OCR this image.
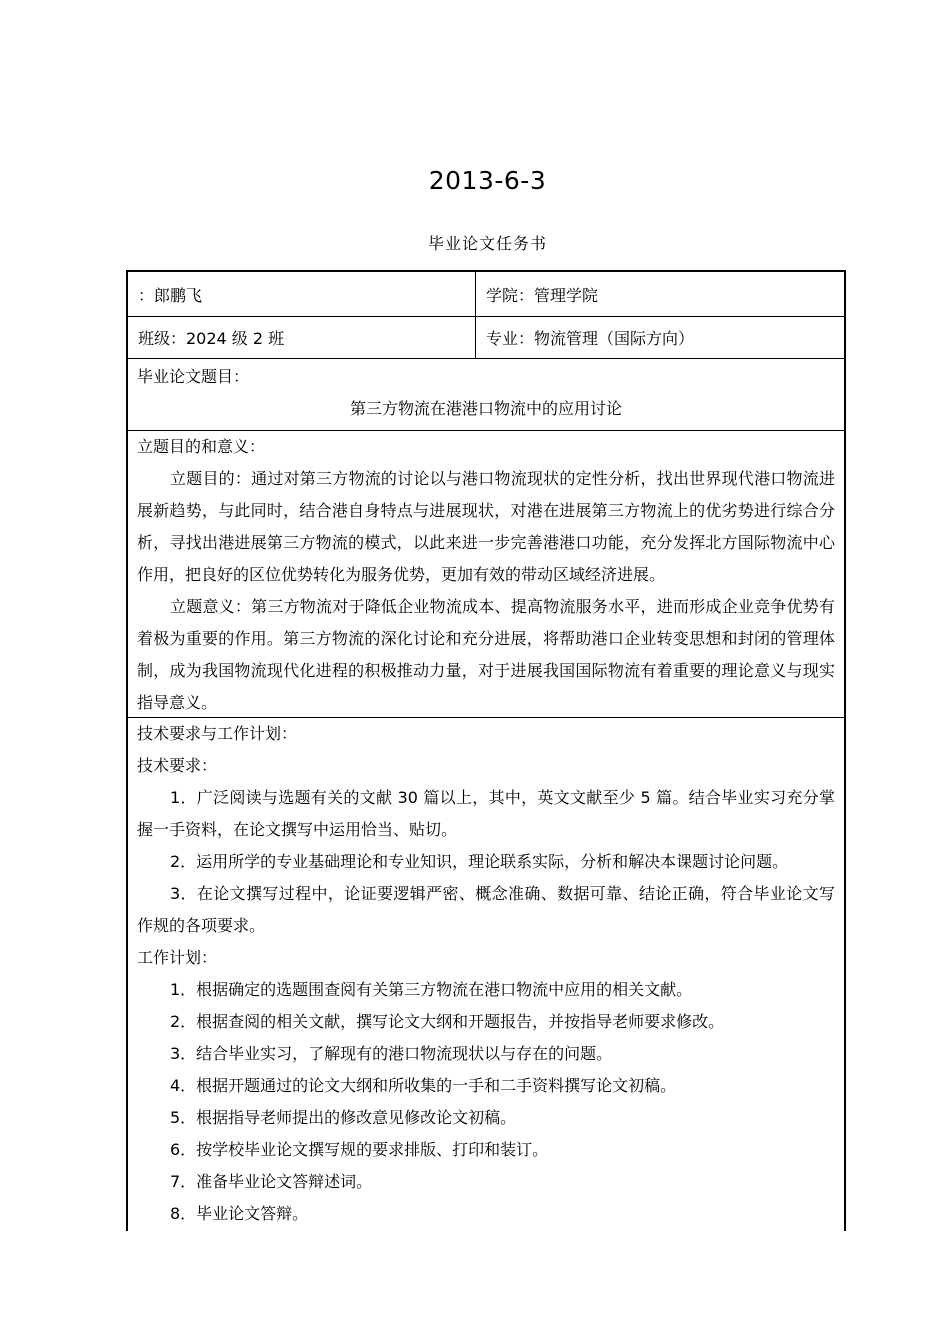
2013-6-3
毕业论文任务书
：郎鹏飞	学院：管理学院
班级：2024 级 2 班	专业：物流管理（国际方向）
毕业论文题目：
第三方物流在港港口物流中的应用讨论
立题目的和意义：
立题目的：通过对第三方物流的讨论以与港口物流现状的定性分析，找出世界现代港口物流进展新趋势，与此同时，结合港自身特点与进展现状，对港在进展第三方物流上的优劣势进行综合分析，寻找出港进展第三方物流的模式，以此来进一步完善港港口功能，充分发挥北方国际物流中心作用，把良好的区位优势转化为服务优势，更加有效的带动区域经济进展。
立题意义：第三方物流对于降低企业物流成本、提高物流服务水平，进而形成企业竞争优势有着极为重要的作用。第三方物流的深化讨论和充分进展，将帮助港口企业转变思想和封闭的管理体制，成为我国物流现代化进程的积极推动力量，对于进展我国国际物流有着重要的理论意义与现实指导意义。
技术要求与工作计划：
技术要求：
1．广泛阅读与选题有关的文献 30 篇以上，其中，英文文献至少 5 篇。结合毕业实习充分掌握一手资料，在论文撰写中运用恰当、贴切。
2．运用所学的专业基础理论和专业知识，理论联系实际，分析和解决本课题讨论问题。
3．在论文撰写过程中，论证要逻辑严密、概念准确、数据可靠、结论正确，符合毕业论文写作规的各项要求。
工作计划：
1．根据确定的选题围查阅有关第三方物流在港口物流中应用的相关文献。
2．根据查阅的相关文献，撰写论文大纲和开题报告，并按指导老师要求修改。
3．结合毕业实习，了解现有的港口物流现状以与存在的问题。
4．根据开题通过的论文大纲和所收集的一手和二手资料撰写论文初稿。
5．根据指导老师提出的修改意见修改论文初稿。
6．按学校毕业论文撰写规的要求排版、打印和装订。
7．准备毕业论文答辩述词。
8．毕业论文答辩。
